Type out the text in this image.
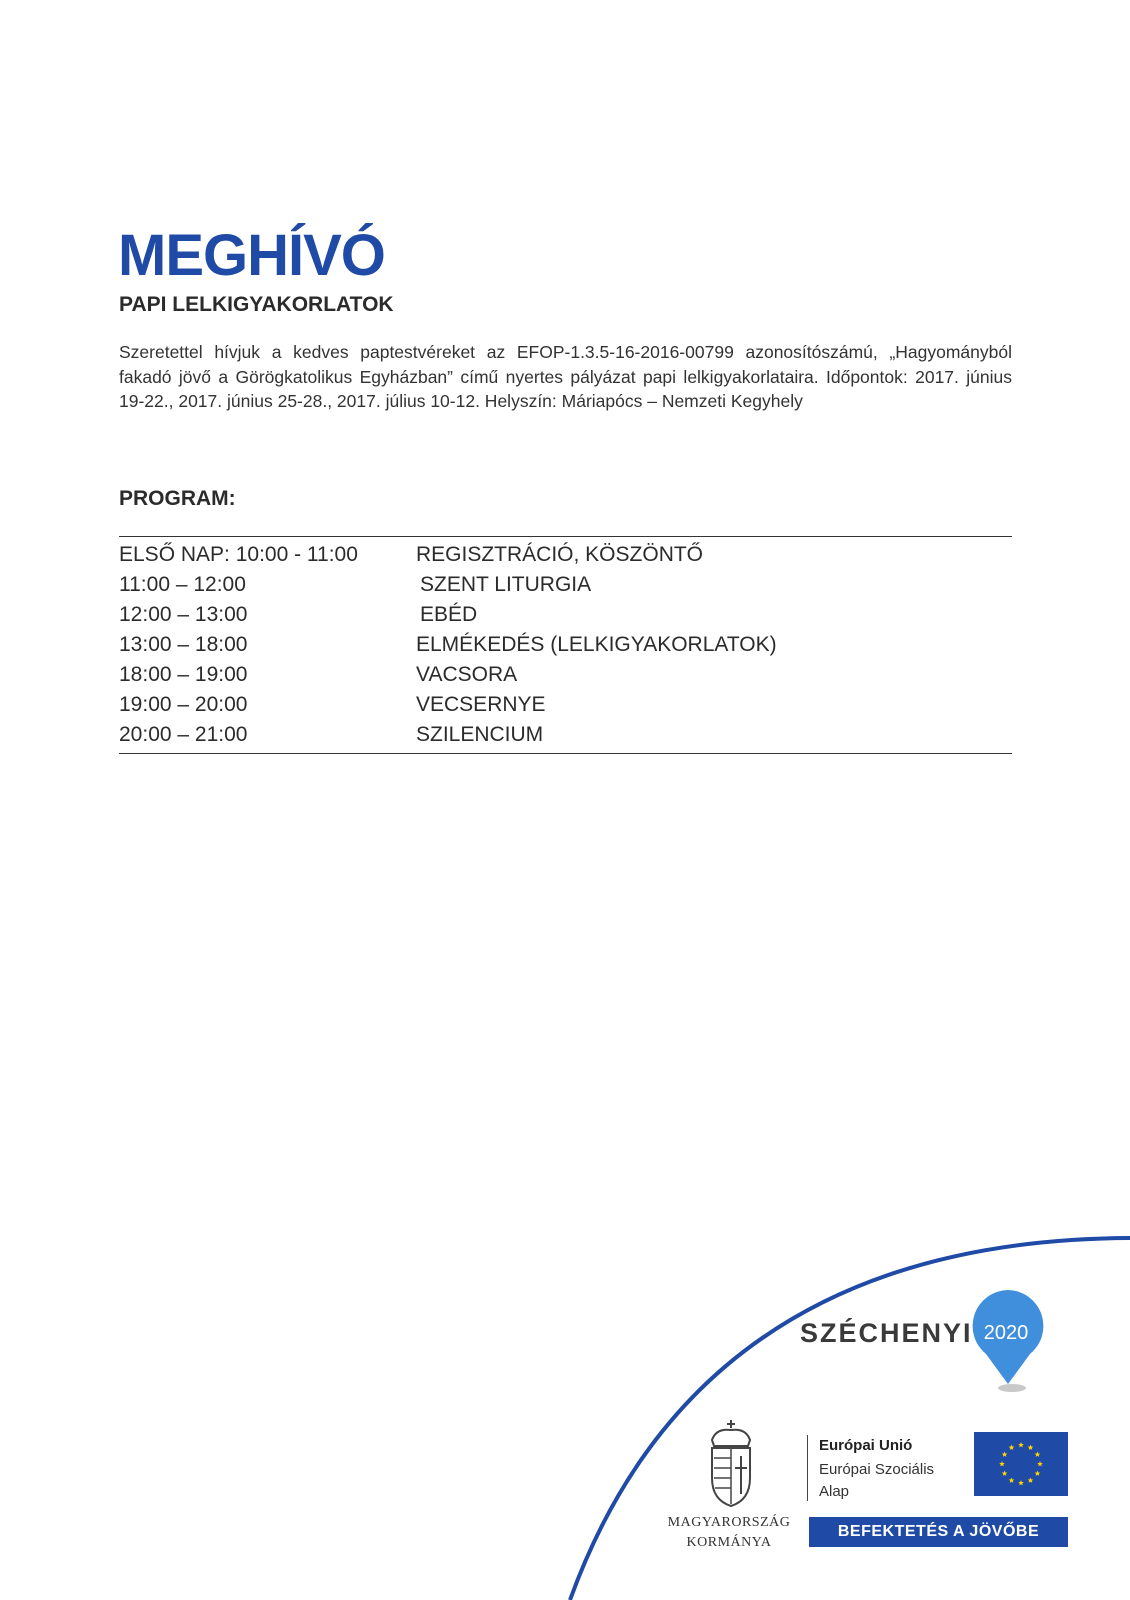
MEGHÍVÓ
PAPI LELKIGYAKORLATOK

Szeretettel hívjuk a kedves paptestvéreket az EFOP-1.3.5-16-2016-00799 azonosítószámú, „Hagyományból fakadó jövő a Görögkatolikus Egyházban” című nyertes pályázat papi lelkigyakorlataira. Időpontok: 2017. június 19-22., 2017. június 25-28., 2017. július 10-12. Helyszín: Máriapócs – Nemzeti Kegyhely

PROGRAM:
ELSŐ NAP: 10:00 - 11:00	REGISZTRÁCIÓ, KÖSZÖNTŐ
11:00 – 12:00	SZENT LITURGIA
12:00 – 13:00	EBÉD
13:00 – 18:00	ELMÉKEDÉS (LELKIGYAKORLATOK)
18:00 – 19:00	VACSORA
19:00 – 20:00	VECSERNYE
20:00 – 21:00	SZILENCIUM
SZÉCHENYI 2020
MAGYARORSZÁG
KORMÁNYA
Európai Unió
Európai Szociális
Alap
BEFEKTETÉS A JÖVŐBE
